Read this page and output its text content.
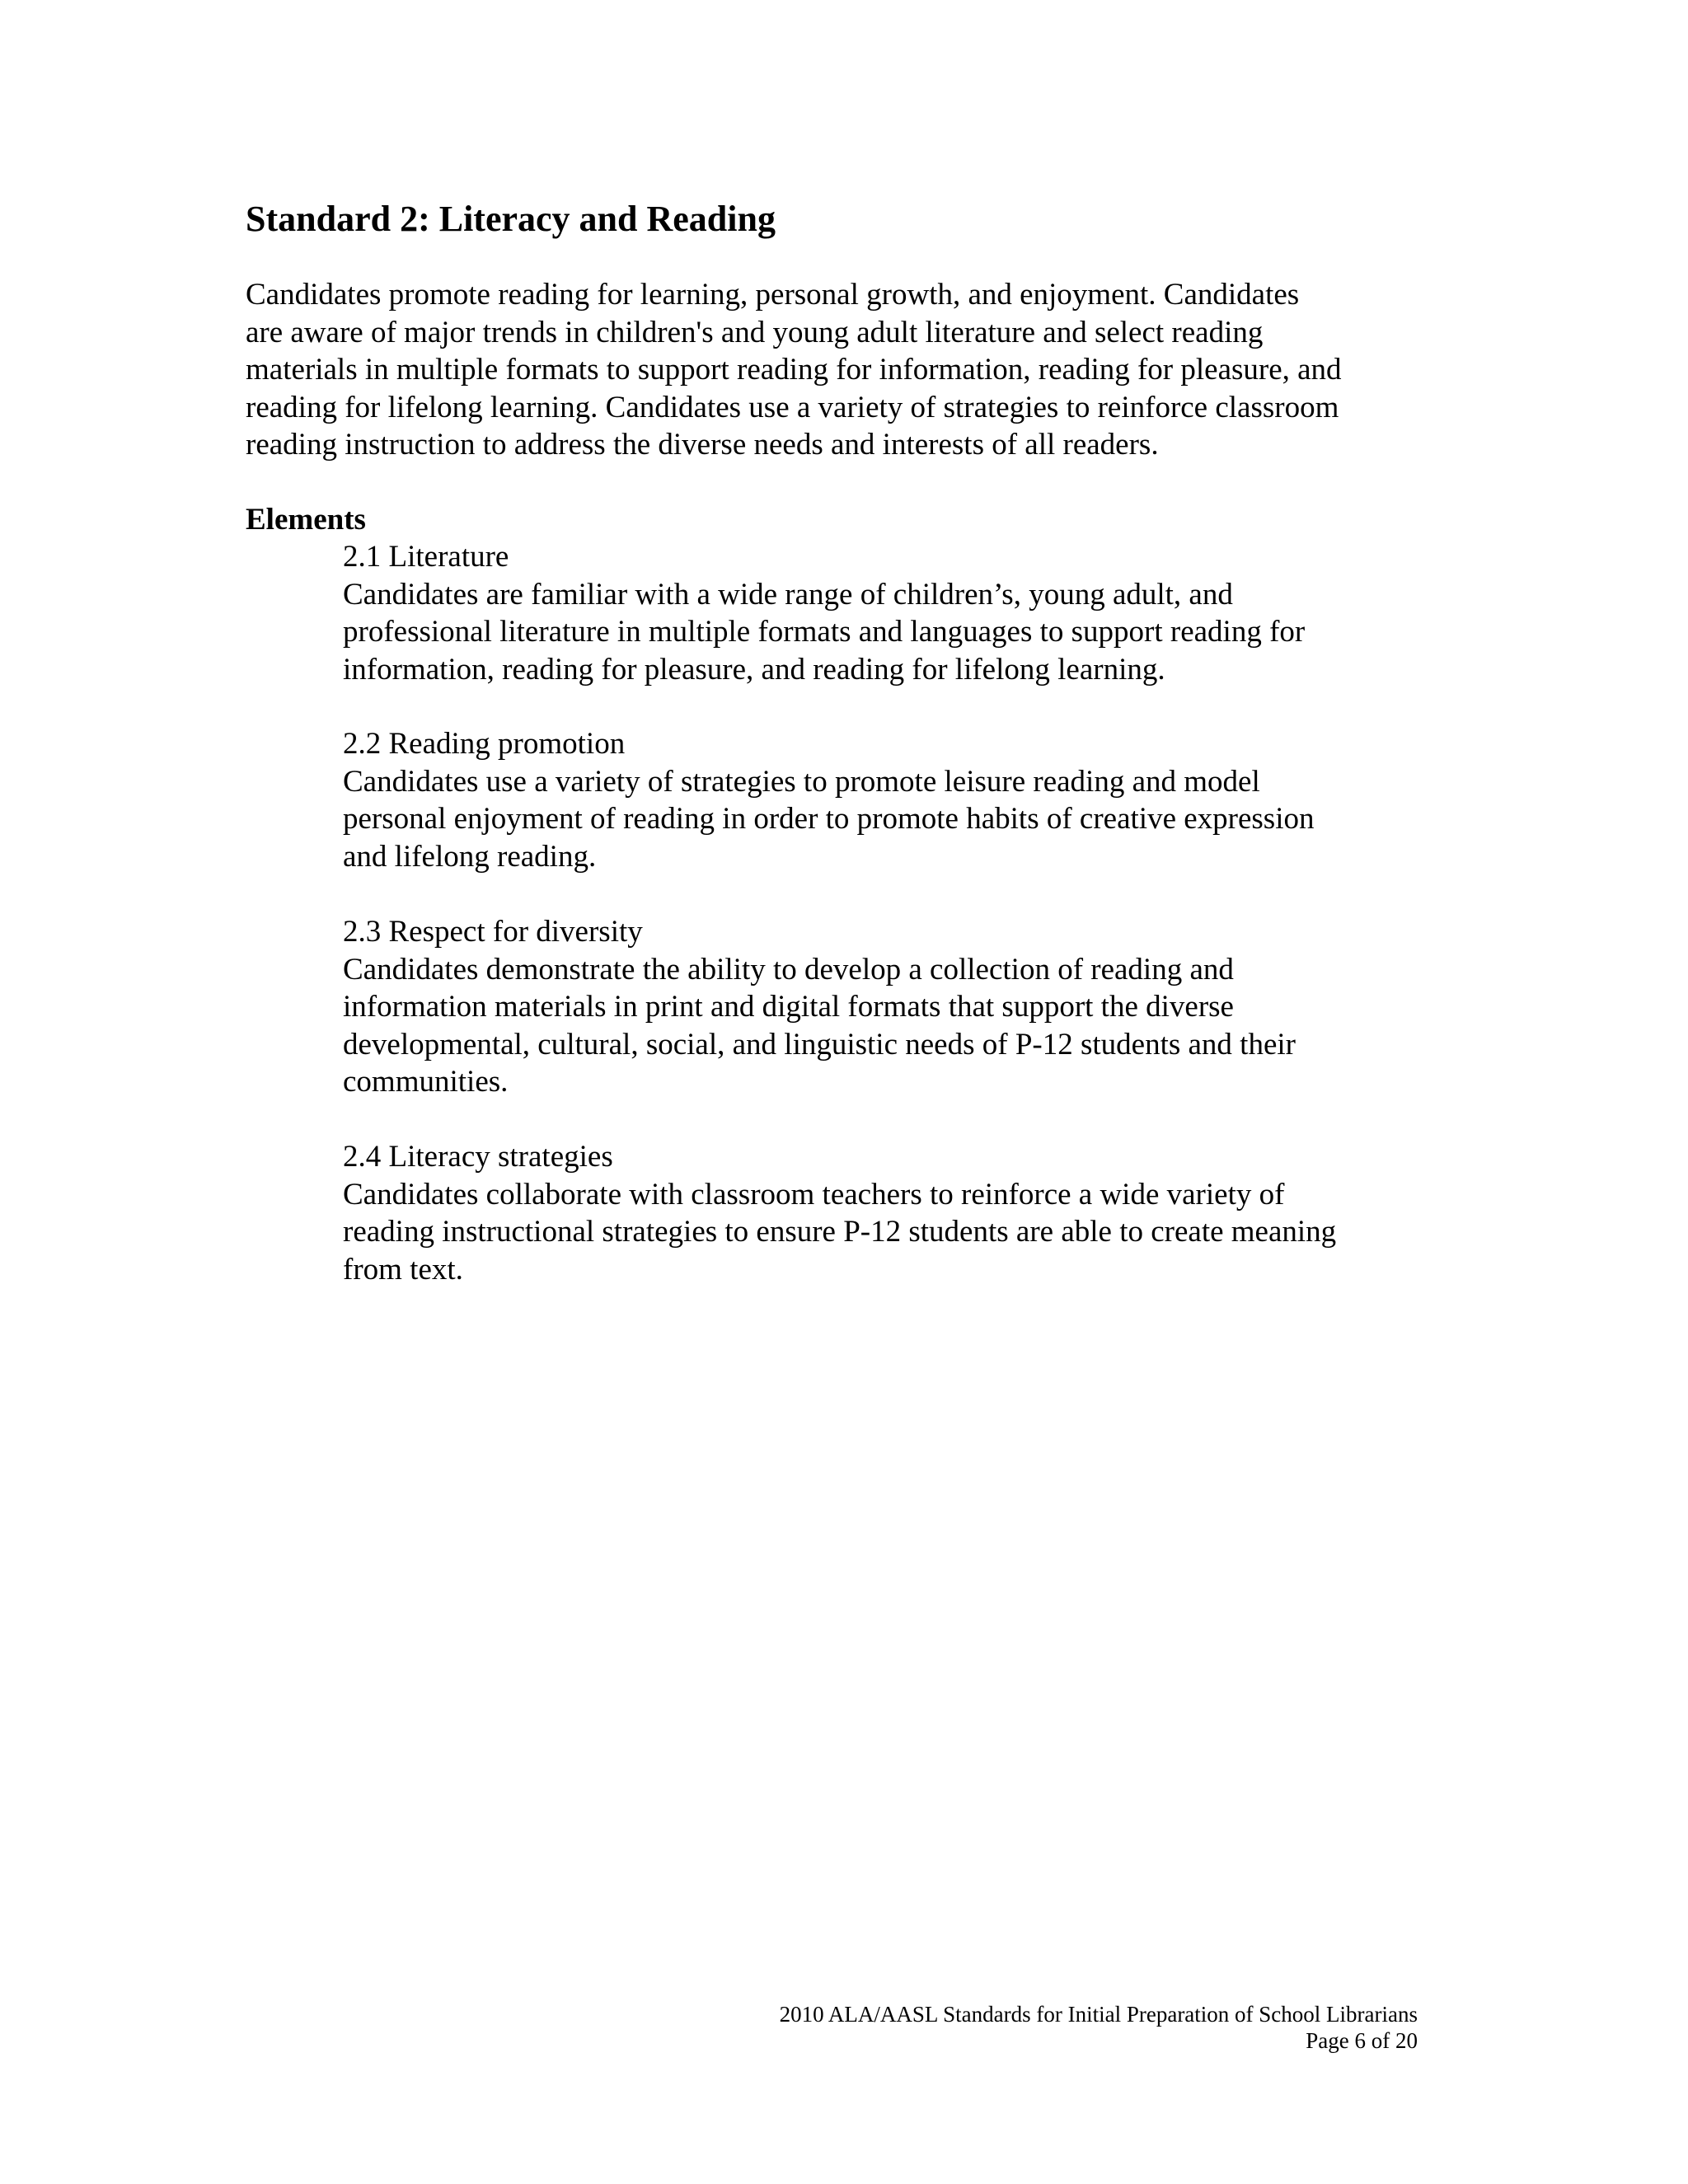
Standard 2: Literacy and Reading

Candidates promote reading for learning, personal growth, and enjoyment. Candidates
are aware of major trends in children's and young adult literature and select reading
materials in multiple formats to support reading for information, reading for pleasure, and
reading for lifelong learning. Candidates use a variety of strategies to reinforce classroom
reading instruction to address the diverse needs and interests of all readers.

Elements

2.1 Literature
Candidates are familiar with a wide range of children’s, young adult, and
professional literature in multiple formats and languages to support reading for
information, reading for pleasure, and reading for lifelong learning.
2.2 Reading promotion
Candidates use a variety of strategies to promote leisure reading and model
personal enjoyment of reading in order to promote habits of creative expression
and lifelong reading.
2.3 Respect for diversity
Candidates demonstrate the ability to develop a collection of reading and
information materials in print and digital formats that support the diverse
developmental, cultural, social, and linguistic needs of P-12 students and their
communities.
2.4 Literacy strategies
Candidates collaborate with classroom teachers to reinforce a wide variety of
reading instructional strategies to ensure P-12 students are able to create meaning
from text.
2010 ALA/AASL Standards for Initial Preparation of School Librarians
Page 6 of 20
